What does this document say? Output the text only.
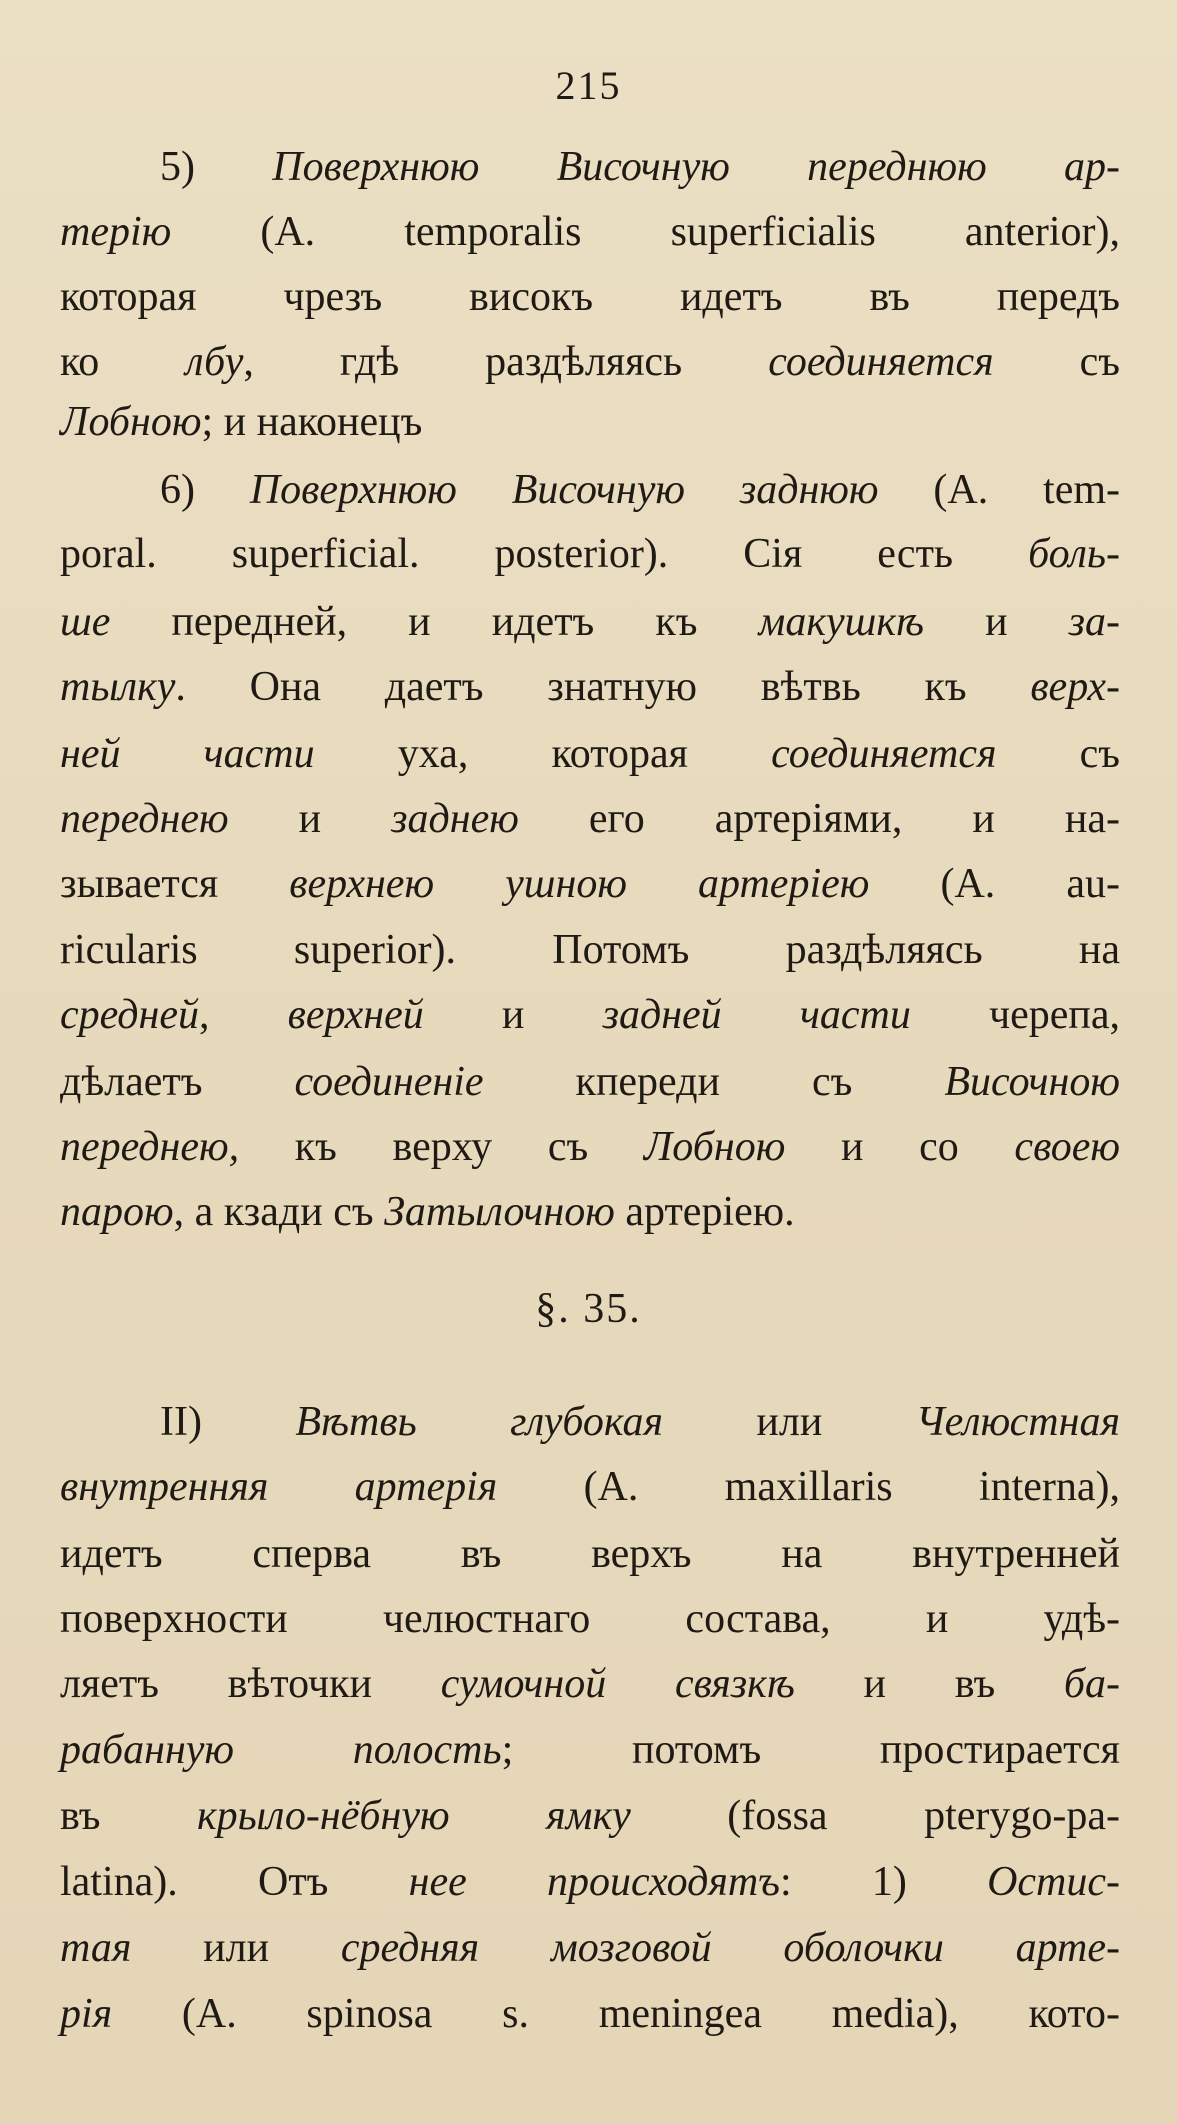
215
5) Поверхнюю Височную переднюю ар-
терію (A. temporalis superficialis anterior),
которая чрезъ високъ идетъ въ передъ
ко лбу, гдѣ раздѣляясь соединяется съ
Лобною; и наконецъ
6) Поверхнюю Височную заднюю (A. tem-
poral. superficial. posterior). Сія есть боль-
ше передней, и идетъ къ макушкѣ и за-
тылку. Она даетъ знатную вѣтвь къ верх-
ней части уха, которая соединяется съ
переднею и заднею его артеріями, и на-
зывается верхнею ушною артеріею (A. au-
ricularis superior). Потомъ раздѣляясь на
средней, верхней и задней части черепа,
дѣлаетъ соединеніе кпереди съ Височною
переднею, къ верху съ Лобною и со своею
парою, а кзади съ Затылочною артеріею.
II) Вѣтвь глубокая или Челюстная
внутренняя артерія (A. maxillaris interna),
идетъ сперва въ верхъ на внутренней
поверхности челюстнаго состава, и удѣ-
ляетъ вѣточки сумочной связкѣ и въ ба-
рабанную полость; потомъ простирается
въ крыло-нёбную ямку (fossa pterygo-pa-
latina). Отъ нее происходятъ: 1) Остис-
тая или средняя мозговой оболочки арте-
рія (A. spinosa s. meningea media), кото-
§. 35.
